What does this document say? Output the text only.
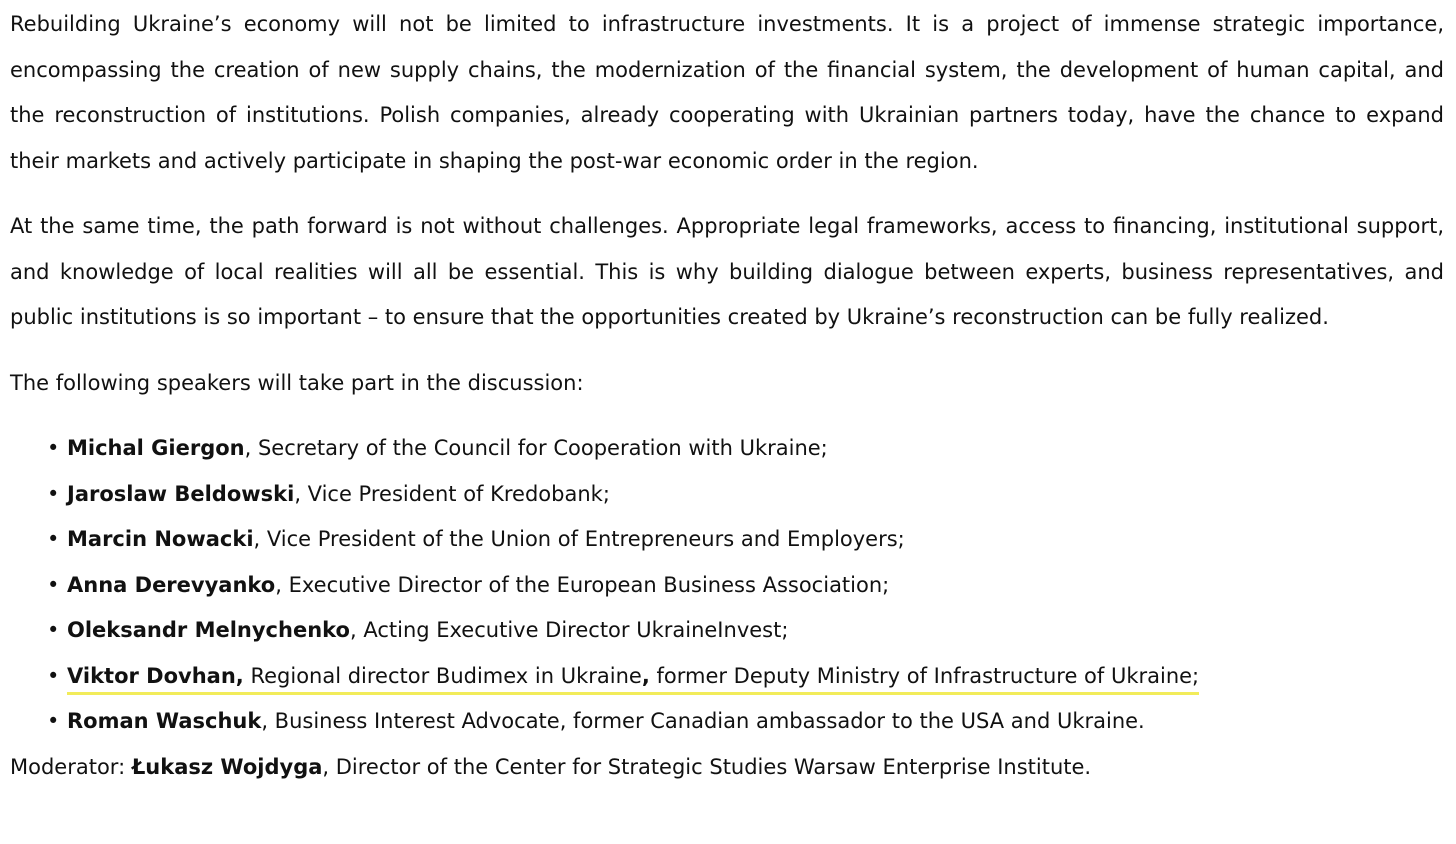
Rebuilding Ukraine’s economy will not be limited to infrastructure investments. It is a project of immense strategic importance, encompassing the creation of new supply chains, the modernization of the financial system, the development of human capital, and the reconstruction of institutions. Polish companies, already cooperating with Ukrainian partners today, have the chance to expand their markets and actively participate in shaping the post-war economic order in the region.

At the same time, the path forward is not without challenges. Appropriate legal frameworks, access to financing, institutional support, and knowledge of local realities will all be essential. This is why building dialogue between experts, business representatives, and public institutions is so important – to ensure that the opportunities created by Ukraine’s reconstruction can be fully realized.

The following speakers will take part in the discussion:

• Michal Giergon, Secretary of the Council for Cooperation with Ukraine;
• Jaroslaw Beldowski, Vice President of Kredobank;
• Marcin Nowacki, Vice President of the Union of Entrepreneurs and Employers;
• Anna Derevyanko, Executive Director of the European Business Association;
• Oleksandr Melnychenko, Acting Executive Director UkraineInvest;
• Viktor Dovhan, Regional director Budimex in Ukraine, former Deputy Ministry of Infrastructure of Ukraine;
• Roman Waschuk, Business Interest Advocate, former Canadian ambassador to the USA and Ukraine.

Moderator: Łukasz Wojdyga, Director of the Center for Strategic Studies Warsaw Enterprise Institute.
